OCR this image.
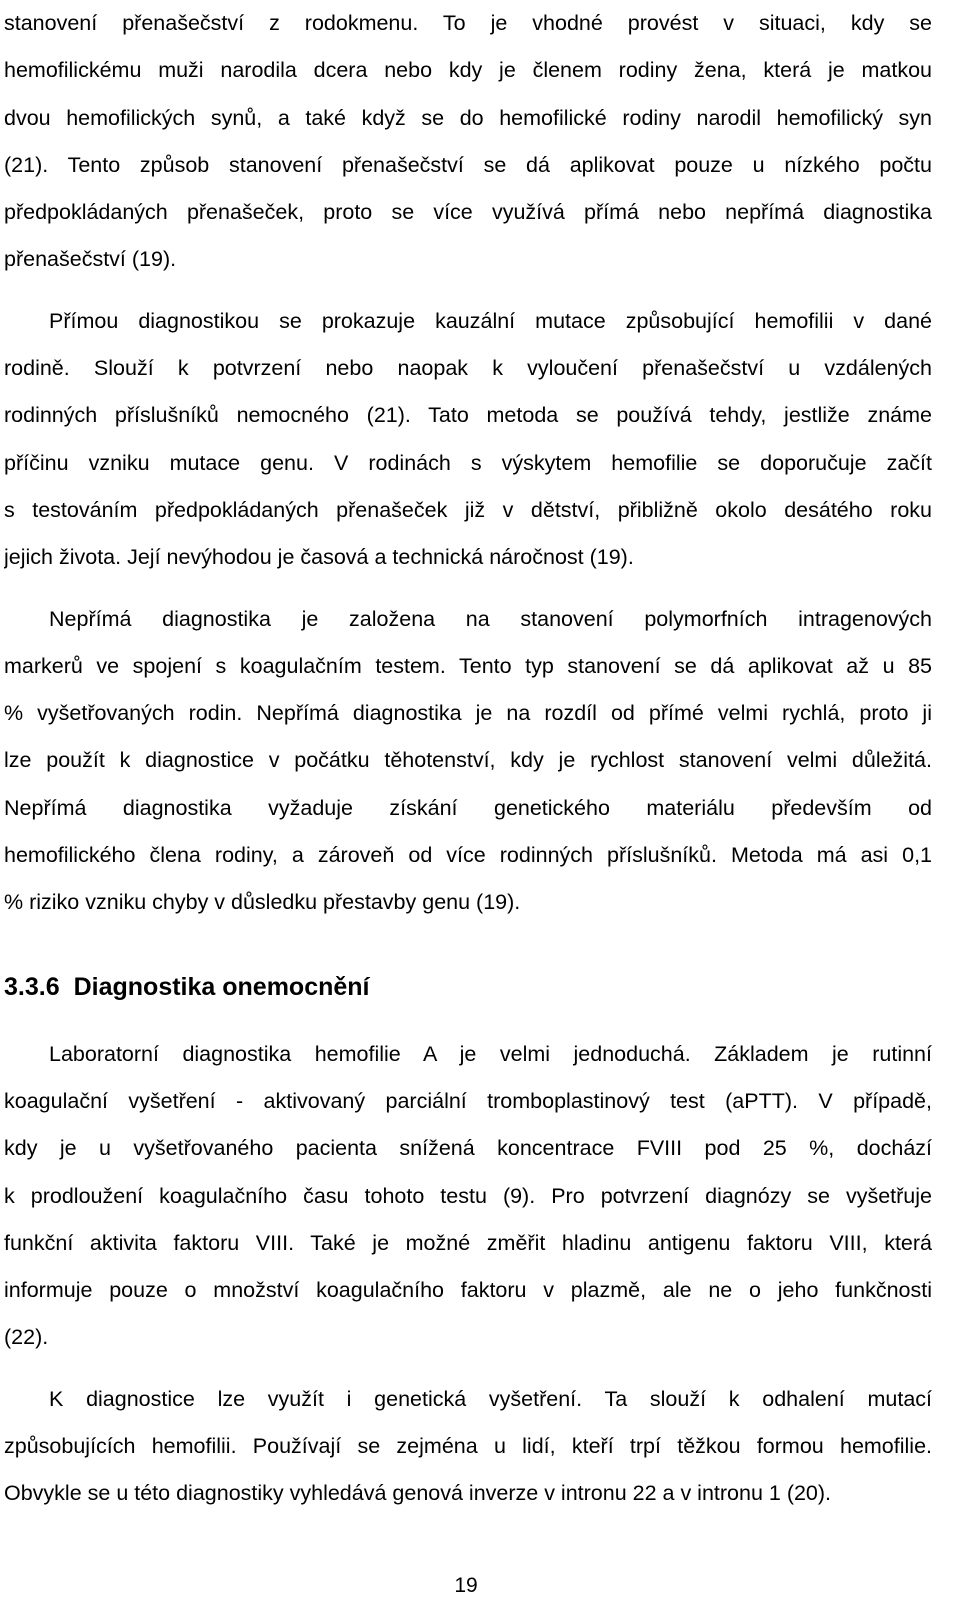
stanovení přenašečství z rodokmenu. To je vhodné provést v situaci, kdy se
hemofilickému muži narodila dcera nebo kdy je členem rodiny žena, která je matkou
dvou hemofilických synů, a také když se do hemofilické rodiny narodil hemofilický syn
(21). Tento způsob stanovení přenašečství se dá aplikovat pouze u nízkého počtu
předpokládaných přenašeček, proto se více využívá přímá nebo nepřímá diagnostika
přenašečství (19).
Přímou diagnostikou se prokazuje kauzální mutace způsobující hemofilii v dané
rodině. Slouží k potvrzení nebo naopak k vyloučení přenašečství u vzdálených
rodinných příslušníků nemocného (21). Tato metoda se používá tehdy, jestliže známe
příčinu vzniku mutace genu. V rodinách s výskytem hemofilie se doporučuje začít
s testováním předpokládaných přenašeček již v dětství, přibližně okolo desátého roku
jejich života. Její nevýhodou je časová a technická náročnost (19).
Nepřímá diagnostika je založena na stanovení polymorfních intragenových
markerů ve spojení s koagulačním testem. Tento typ stanovení se dá aplikovat až u 85
% vyšetřovaných rodin. Nepřímá diagnostika je na rozdíl od přímé velmi rychlá, proto ji
lze použít k diagnostice v počátku těhotenství, kdy je rychlost stanovení velmi důležitá.
Nepřímá diagnostika vyžaduje získání genetického materiálu především od
hemofilického člena rodiny, a zároveň od více rodinných příslušníků. Metoda má asi 0,1
% riziko vzniku chyby v důsledku přestavby genu (19).
3.3.6 Diagnostika onemocnění
Laboratorní diagnostika hemofilie A je velmi jednoduchá. Základem je rutinní
koagulační vyšetření - aktivovaný parciální tromboplastinový test (aPTT). V případě,
kdy je u vyšetřovaného pacienta snížená koncentrace FVIII pod 25 %, dochází
k prodloužení koagulačního času tohoto testu (9). Pro potvrzení diagnózy se vyšetřuje
funkční aktivita faktoru VIII. Také je možné změřit hladinu antigenu faktoru VIII, která
informuje pouze o množství koagulačního faktoru v plazmě, ale ne o jeho funkčnosti
(22).
K diagnostice lze využít i genetická vyšetření. Ta slouží k odhalení mutací
způsobujících hemofilii. Používají se zejména u lidí, kteří trpí těžkou formou hemofilie.
Obvykle se u této diagnostiky vyhledává genová inverze v intronu 22 a v intronu 1 (20).
19
